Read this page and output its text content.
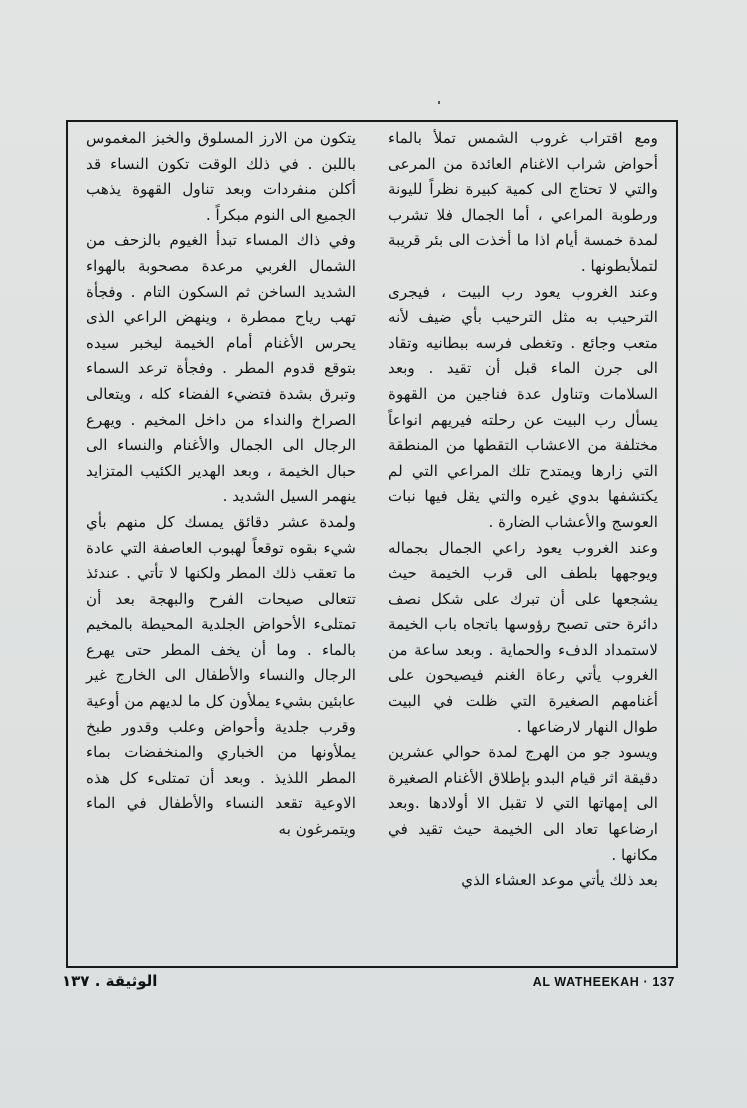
ومع اقتراب غروب الشمس تملأ بالماء أحواض شراب الاغنام العائدة من المرعى والتي لا تحتاج الى كمية كبيرة نظراً لليونة ورطوبة المراعي ، أما الجمال فلا تشرب لمدة خمسة أيام اذا ما أخذت الى بئر قريبة لتملأبطونها .

وعند الغروب يعود رب البيت ، فيجرى الترحيب به مثل الترحيب بأي ضيف لأنه متعب وجائع . وتغطى فرسه ببطانيه وتقاد الى جرن الماء قبل أن تقيد . وبعد السلامات وتناول عدة فناجين من القهوة يسأل رب البيت عن رحلته فيريهم انواعاً مختلفة من الاعشاب التقطها من المنطقة التي زارها ويمتدح تلك المراعي التي لم يكتشفها بدوي غيره والتي يقل فيها نبات العوسج والأعشاب الضارة .

وعند الغروب يعود راعي الجمال بجماله ويوجهها بلطف الى قرب الخيمة حيث يشجعها على أن تبرك على شكل نصف دائرة حتى تصبح رؤوسها باتجاه باب الخيمة لاستمداد الدفء والحماية . وبعد ساعة من الغروب يأتي رعاة الغنم فيصيحون على أغنامهم الصغيرة التي ظلت في البيت طوال النهار لارضاعها .

ويسود جو من الهرج لمدة حوالي عشرين دقيقة اثر قيام البدو بإطلاق الأغنام الصغيرة الى إمهاتها التي لا تقبل الا أولادها .وبعد ارضاعها تعاد الى الخيمة حيث تقيد في مكانها .

بعد ذلك يأتي موعد العشاء الذي

يتكون من الارز المسلوق والخبز المغموس باللبن . في ذلك الوقت تكون النساء قد أكلن منفردات وبعد تناول القهوة يذهب الجميع الى النوم مبكراً .

وفي ذاك المساء تبدأ الغيوم بالزحف من الشمال الغربي مرعدة مصحوبة بالهواء الشديد الساخن ثم السكون التام . وفجأة تهب رياح ممطرة ، وينهض الراعي الذى يحرس الأغنام أمام الخيمة ليخبر سيده بتوقع قدوم المطر . وفجأة ترعد السماء وتبرق بشدة فتضيء الفضاء كله ، ويتعالى الصراخ والنداء من داخل المخيم . ويهرع الرجال الى الجمال والأغنام والنساء الى حبال الخيمة ، وبعد الهدير الكئيب المتزايد ينهمر السيل الشديد .

ولمدة عشر دقائق يمسك كل منهم بأي شيء بقوه توقعاً لهبوب العاصفة التي عادة ما تعقب ذلك المطر ولكنها لا تأتي . عندئذ تتعالى صيحات الفرح والبهجة بعد أن تمتلىء الأحواض الجلدية المحيطة بالمخيم بالماء . وما أن يخف المطر حتى يهرع الرجال والنساء والأطفال الى الخارج غير عابئين بشيء يملأون كل ما لديهم من أوعية وقرب جلدية وأحواض وعلب وقدور طبخ يملأونها من الخباري والمنخفضات بماء المطر اللذيذ . وبعد أن تمتلىء كل هذه الاوعية تقعد النساء والأطفال في الماء ويتمرغون به

الوثيقة . ١٣٧	AL WATHEEKAH · 137
